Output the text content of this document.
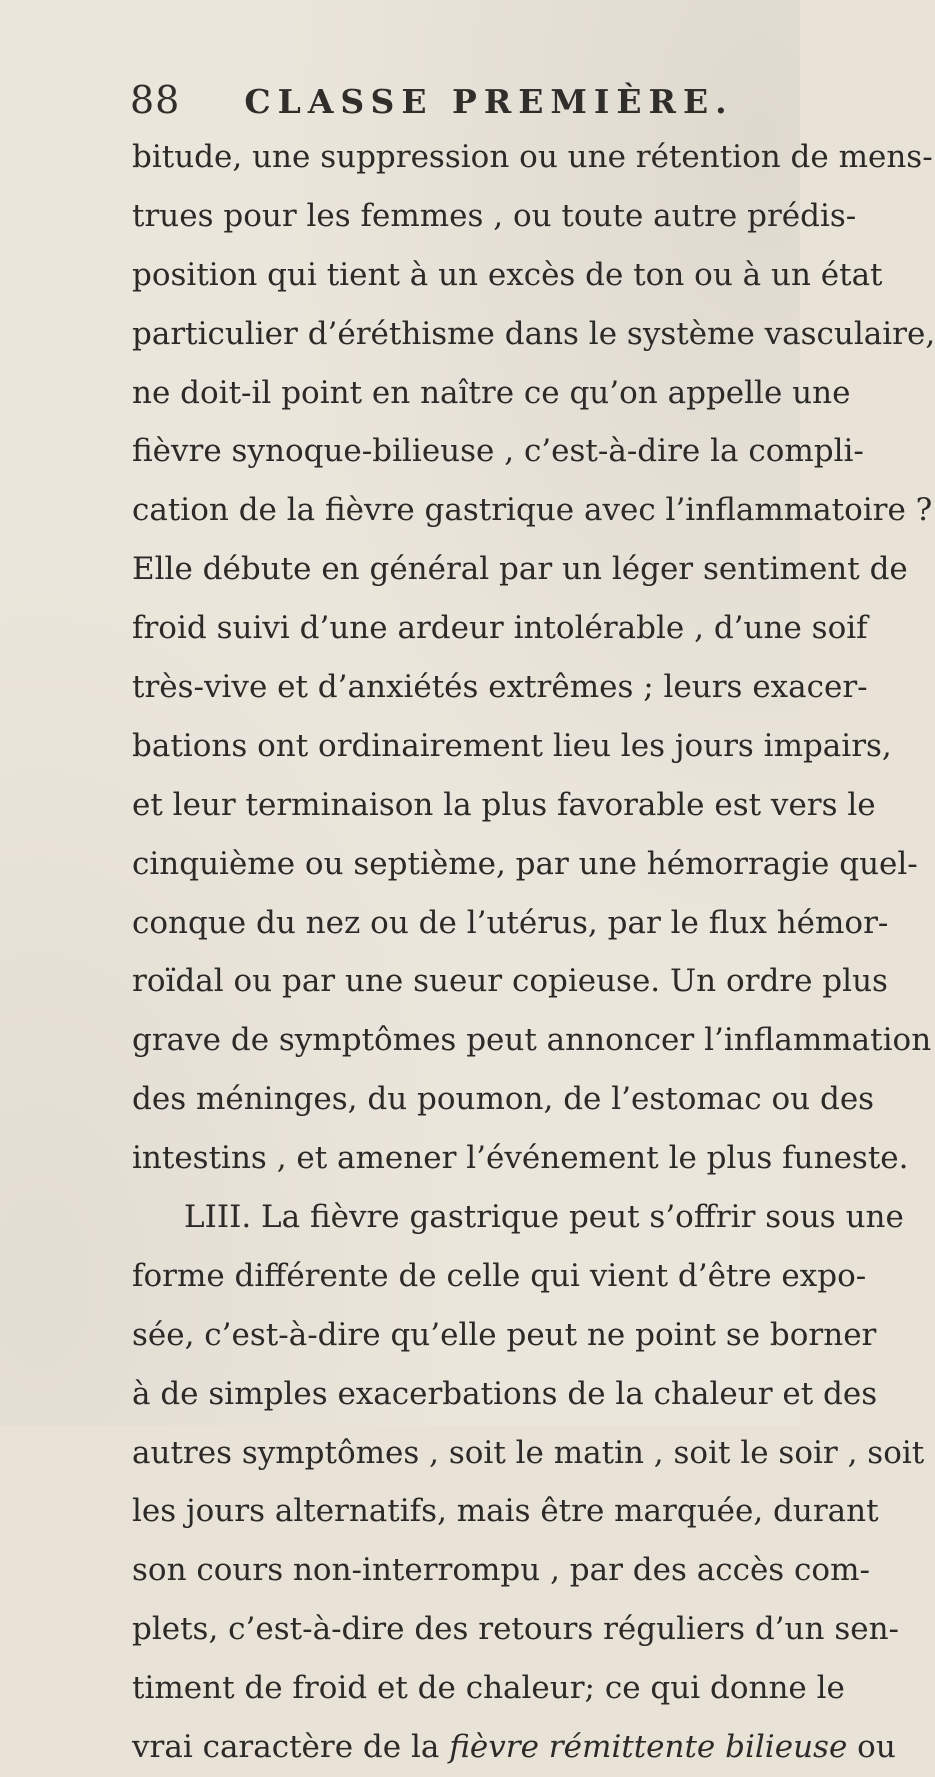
88 CLASSE PREMIÈRE.
bitude, une suppression ou une rétention de mens-
trues pour les femmes , ou toute autre prédis-
position qui tient à un excès de ton ou à un état
particulier d’éréthisme dans le système vasculaire,
ne doit-il point en naître ce qu’on appelle une
fièvre synoque-bilieuse , c’est-à-dire la compli-
cation de la fièvre gastrique avec l’inflammatoire ?
Elle débute en général par un léger sentiment de
froid suivi d’une ardeur intolérable , d’une soif
très-vive et d’anxiétés extrêmes ; leurs exacer-
bations ont ordinairement lieu les jours impairs,
et leur terminaison la plus favorable est vers le
cinquième ou septième, par une hémorragie quel-
conque du nez ou de l’utérus, par le flux hémor-
roïdal ou par une sueur copieuse. Un ordre plus
grave de symptômes peut annoncer l’inflammation
des méninges, du poumon, de l’estomac ou des
intestins , et amener l’événement le plus funeste.
LIII. La fièvre gastrique peut s’offrir sous une
forme différente de celle qui vient d’être expo-
sée, c’est-à-dire qu’elle peut ne point se borner
à de simples exacerbations de la chaleur et des
autres symptômes , soit le matin , soit le soir , soit
les jours alternatifs, mais être marquée, durant
son cours non-interrompu , par des accès com-
plets, c’est-à-dire des retours réguliers d’un sen-
timent de froid et de chaleur; ce qui donne le
vrai caractère de la fièvre rémittente bilieuse ou
